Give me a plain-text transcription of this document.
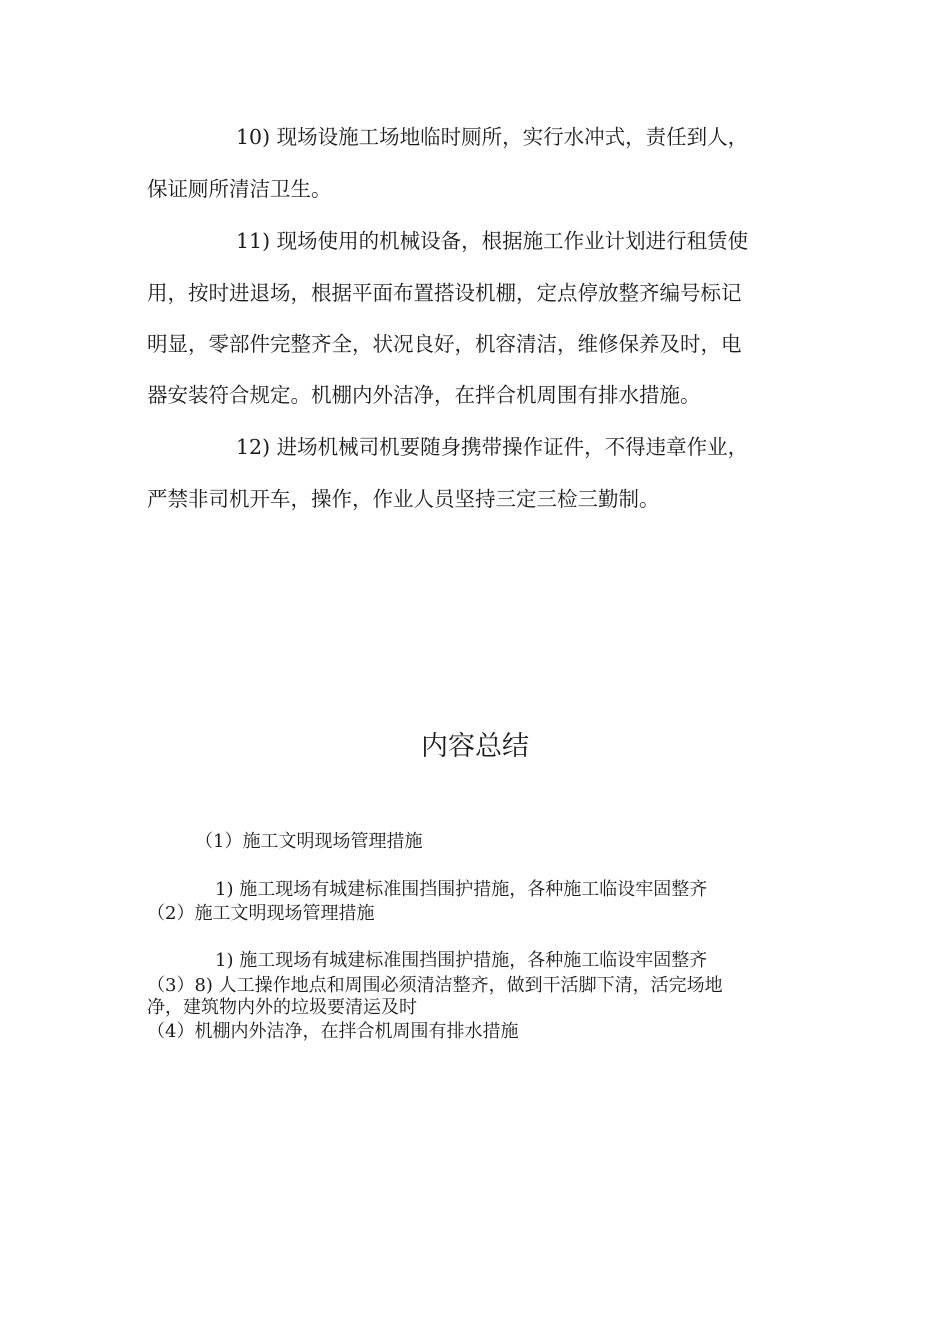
10) 现场设施工场地临时厕所，实行水冲式，责任到人，
保证厕所清洁卫生。
11) 现场使用的机械设备，根据施工作业计划进行租赁使
用，按时进退场，根据平面布置搭设机棚，定点停放整齐编号标记
明显，零部件完整齐全，状况良好，机容清洁，维修保养及时，电
器安装符合规定。机棚内外洁净，在拌合机周围有排水措施。
12) 进场机械司机要随身携带操作证件，不得违章作业，
严禁非司机开车，操作，作业人员坚持三定三检三勤制。
内容总结
（1）施工文明现场管理措施
1) 施工现场有城建标准围挡围护措施，各种施工临设牢固整齐
（2）施工文明现场管理措施
1) 施工现场有城建标准围挡围护措施，各种施工临设牢固整齐
（3）8) 人工操作地点和周围必须清洁整齐，做到干活脚下清，活完场地
净，建筑物内外的垃圾要清运及时
（4）机棚内外洁净，在拌合机周围有排水措施
